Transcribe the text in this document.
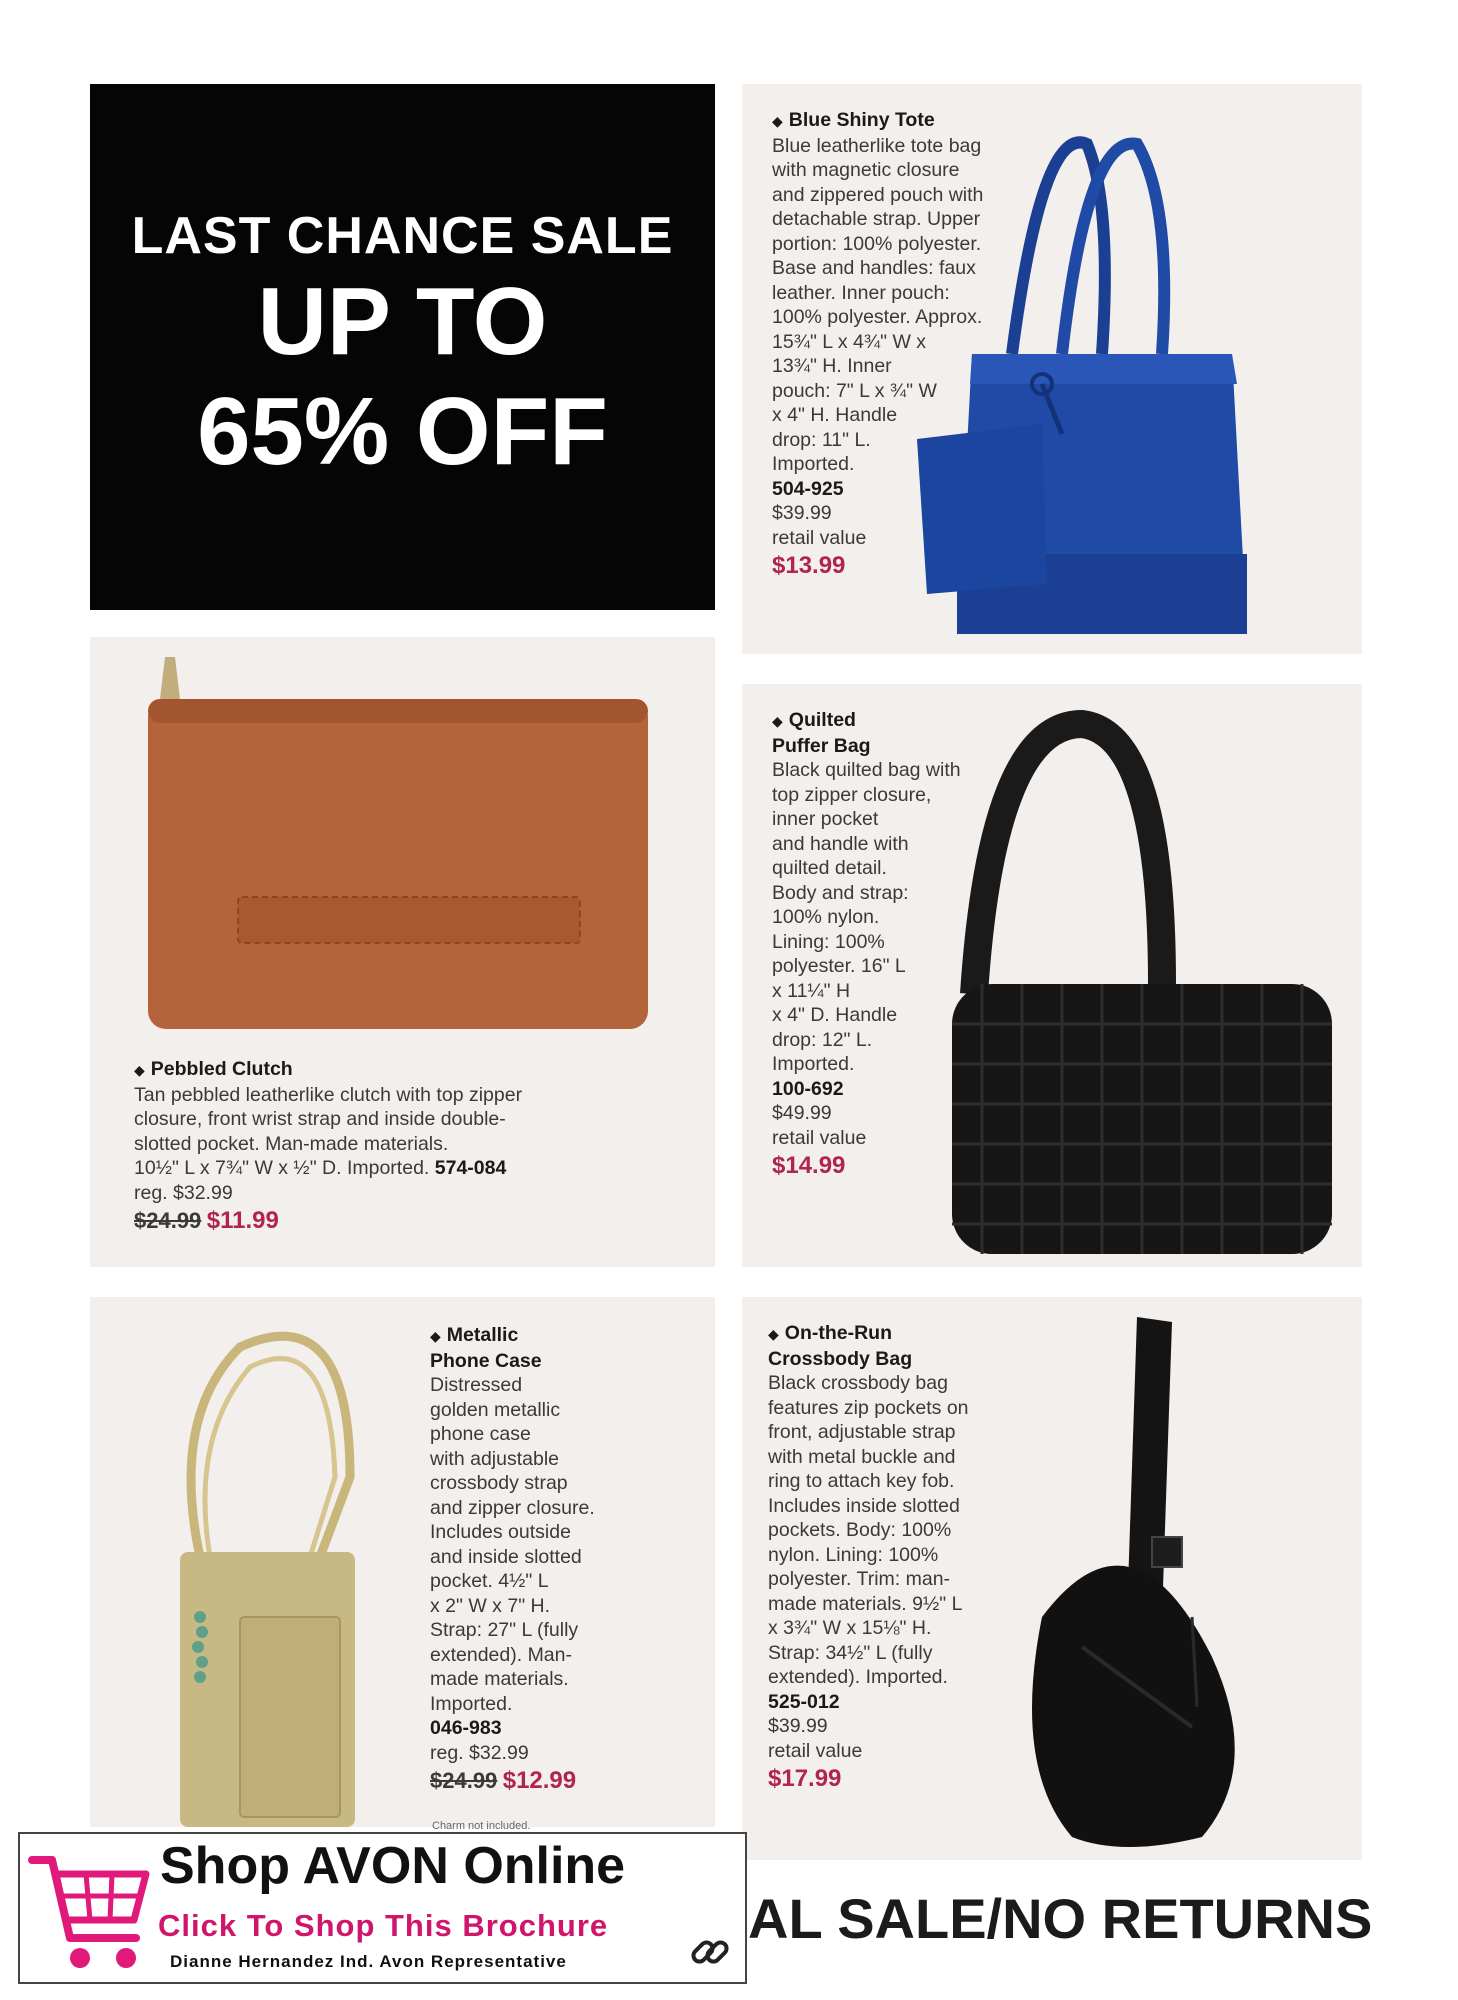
LAST CHANCE SALE
UP TO
65% OFF
◆ Blue Shiny Tote
Blue leatherlike tote bag
with magnetic closure
and zippered pouch with
detachable strap. Upper
portion: 100% polyester.
Base and handles: faux
leather. Inner pouch:
100% polyester. Approx.
15¾" L x 4¾" W x
13¾" H. Inner
pouch: 7" L x ¾" W
x 4" H. Handle
drop: 11" L.
Imported.
504-925
$39.99
retail value
$13.99
◆ Pebbled Clutch
Tan pebbled leatherlike clutch with top zipper
closure, front wrist strap and inside double-
slotted pocket. Man-made materials.
10½" L x 7¾" W x ½" D. Imported. 574-084
reg. $32.99
$24.99 $11.99
◆ Quilted
Puffer Bag
Black quilted bag with
top zipper closure,
inner pocket
and handle with
quilted detail.
Body and strap:
100% nylon.
Lining: 100%
polyester. 16" L
x 11¼" H
x 4" D. Handle
drop: 12" L.
Imported.
100-692
$49.99
retail value
$14.99
◆ Metallic
Phone Case
Distressed
golden metallic
phone case
with adjustable
crossbody strap
and zipper closure.
Includes outside
and inside slotted
pocket. 4½" L
x 2" W x 7" H.
Strap: 27" L (fully
extended). Man-
made materials.
Imported.
046-983
reg. $32.99
$24.99 $12.99
Charm not included.
◆ On-the-Run
Crossbody Bag
Black crossbody bag
features zip pockets on
front, adjustable strap
with metal buckle and
ring to attach key fob.
Includes inside slotted
pockets. Body: 100%
nylon. Lining: 100%
polyester. Trim: man-
made materials. 9½" L
x 3¾" W x 15⅛" H.
Strap: 34½" L (fully
extended). Imported.
525-012
$39.99
retail value
$17.99
AL SALE/NO RETURNS
Shop AVON Online
Click To Shop This Brochure
Dianne Hernandez Ind. Avon Representative
